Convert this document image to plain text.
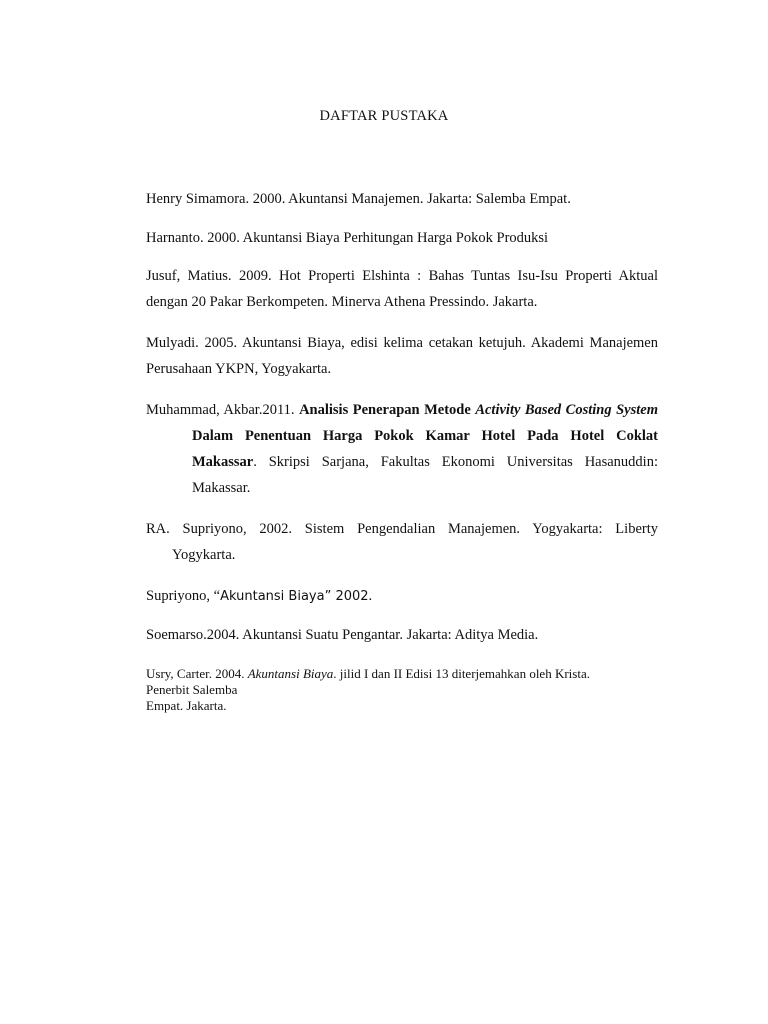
DAFTAR PUSTAKA

Henry Simamora. 2000. Akuntansi Manajemen. Jakarta: Salemba Empat.

Harnanto. 2000. Akuntansi Biaya Perhitungan Harga Pokok Produksi

Jusuf, Matius. 2009. Hot Properti Elshinta : Bahas Tuntas Isu-Isu Properti Aktual dengan 20 Pakar Berkompeten. Minerva Athena Pressindo. Jakarta.

Mulyadi. 2005. Akuntansi Biaya, edisi kelima cetakan ketujuh. Akademi Manajemen Perusahaan YKPN, Yogyakarta.

Muhammad, Akbar.2011. Analisis Penerapan Metode Activity Based Costing System Dalam Penentuan Harga Pokok Kamar Hotel Pada Hotel Coklat Makassar. Skripsi Sarjana, Fakultas Ekonomi Universitas Hasanuddin: Makassar.

RA. Supriyono, 2002. Sistem Pengendalian Manajemen. Yogyakarta: Liberty Yogykarta.

Supriyono, “Akuntansi Biaya” 2002.

Soemarso.2004. Akuntansi Suatu Pengantar. Jakarta: Aditya Media.

Usry, Carter. 2004. Akuntansi Biaya. jilid I dan II Edisi 13 diterjemahkan oleh Krista.
Penerbit Salemba
Empat. Jakarta.
